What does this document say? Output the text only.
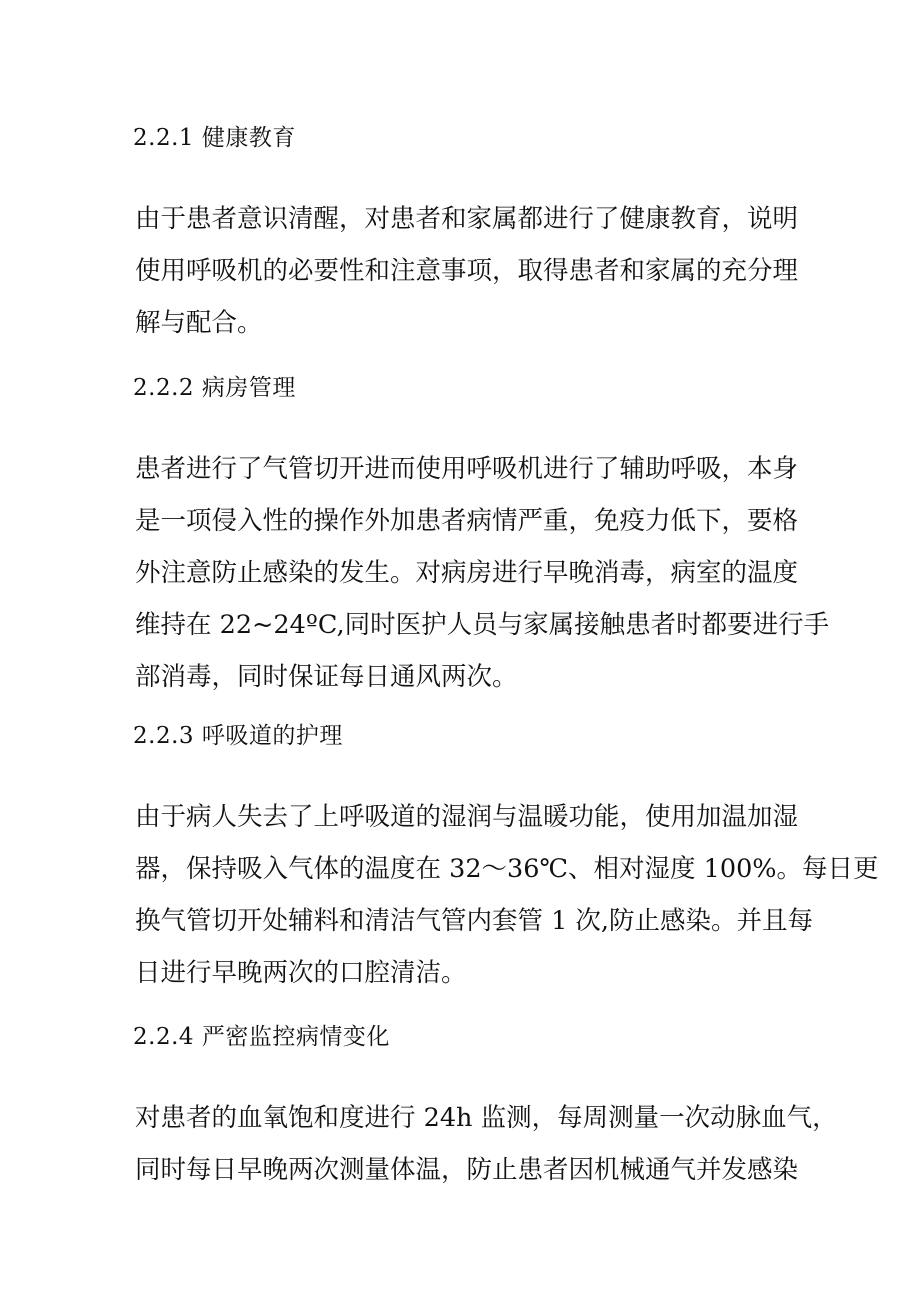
2.2.1 健康教育
由于患者意识清醒，对患者和家属都进行了健康教育，说明
使用呼吸机的必要性和注意事项，取得患者和家属的充分理
解与配合。
2.2.2 病房管理
患者进行了气管切开进而使用呼吸机进行了辅助呼吸，本身
是一项侵入性的操作外加患者病情严重，免疫力低下，要格
外注意防止感染的发生。对病房进行早晚消毒，病室的温度
维持在 22~24ºC,同时医护人员与家属接触患者时都要进行手
部消毒，同时保证每日通风两次。
2.2.3 呼吸道的护理
由于病人失去了上呼吸道的湿润与温暖功能，使用加温加湿
器，保持吸入气体的温度在 32～36℃、相对湿度 100%。每日更
换气管切开处辅料和清洁气管内套管 1 次,防止感染。并且每
日进行早晚两次的口腔清洁。
2.2.4 严密监控病情变化
对患者的血氧饱和度进行 24h 监测，每周测量一次动脉血气，
同时每日早晚两次测量体温，防止患者因机械通气并发感染
